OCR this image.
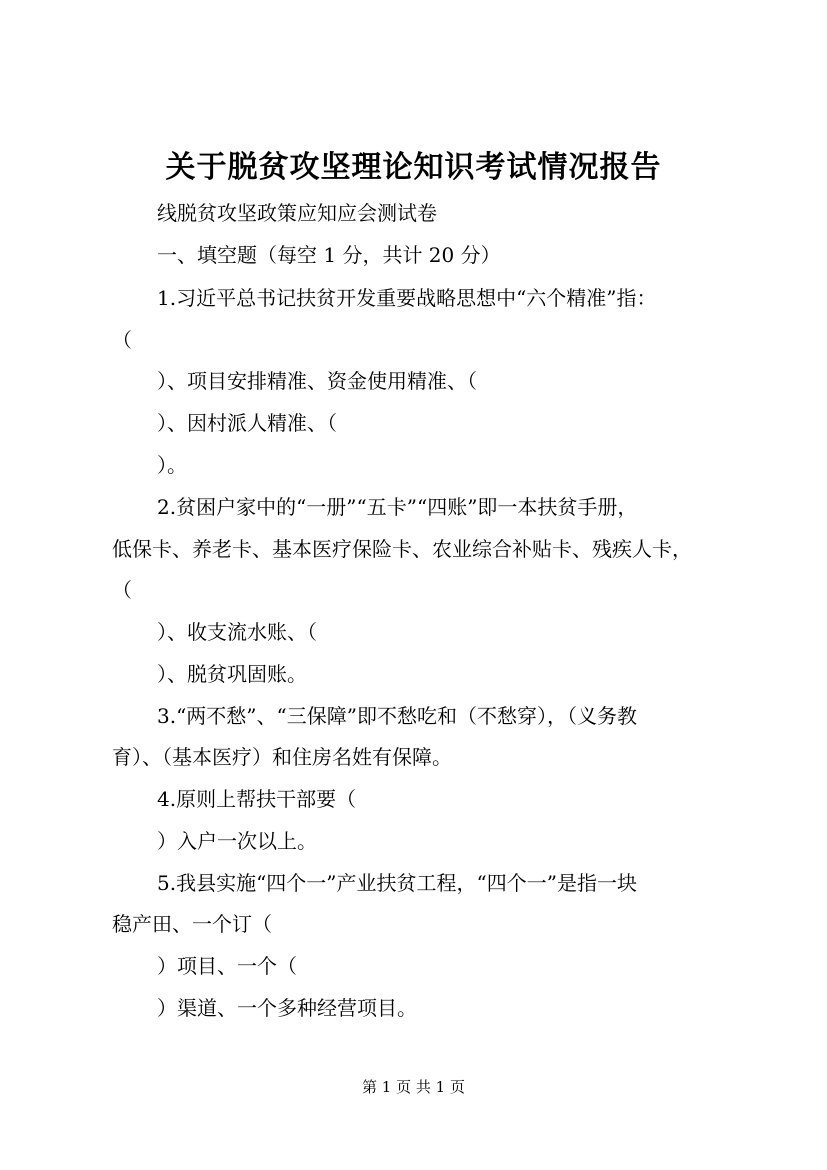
关于脱贫攻坚理论知识考试情况报告
线脱贫攻坚政策应知应会测试卷
一、填空题（每空 1 分，共计 20 分）
1.习近平总书记扶贫开发重要战略思想中“六个精准”指：
（
）、项目安排精准、资金使用精准、（
）、因村派人精准、（
）。
2.贫困户家中的“一册”“五卡”“四账”即一本扶贫手册，
低保卡、养老卡、基本医疗保险卡、农业综合补贴卡、残疾人卡，
（
）、收支流水账、（
）、脱贫巩固账。
3.“两不愁”、“三保障”即不愁吃和（不愁穿），（义务教
育）、（基本医疗）和住房名姓有保障。
4.原则上帮扶干部要（
）入户一次以上。
5.我县实施“四个一”产业扶贫工程，“四个一”是指一块
稳产田、一个订（
）项目、一个（
）渠道、一个多种经营项目。
第 1 页 共 1 页
